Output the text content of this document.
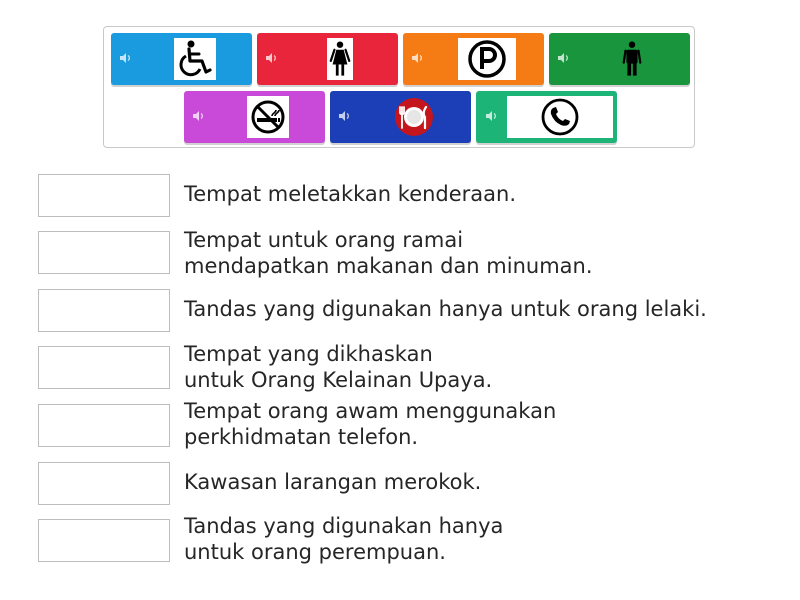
Tempat meletakkan kenderaan.
Tempat untuk orang ramai
mendapatkan makanan dan minuman.
Tandas yang digunakan hanya untuk orang lelaki.
Tempat yang dikhaskan
untuk Orang Kelainan Upaya.
Tempat orang awam menggunakan
perkhidmatan telefon.
Kawasan larangan merokok.
Tandas yang digunakan hanya
untuk orang perempuan.
